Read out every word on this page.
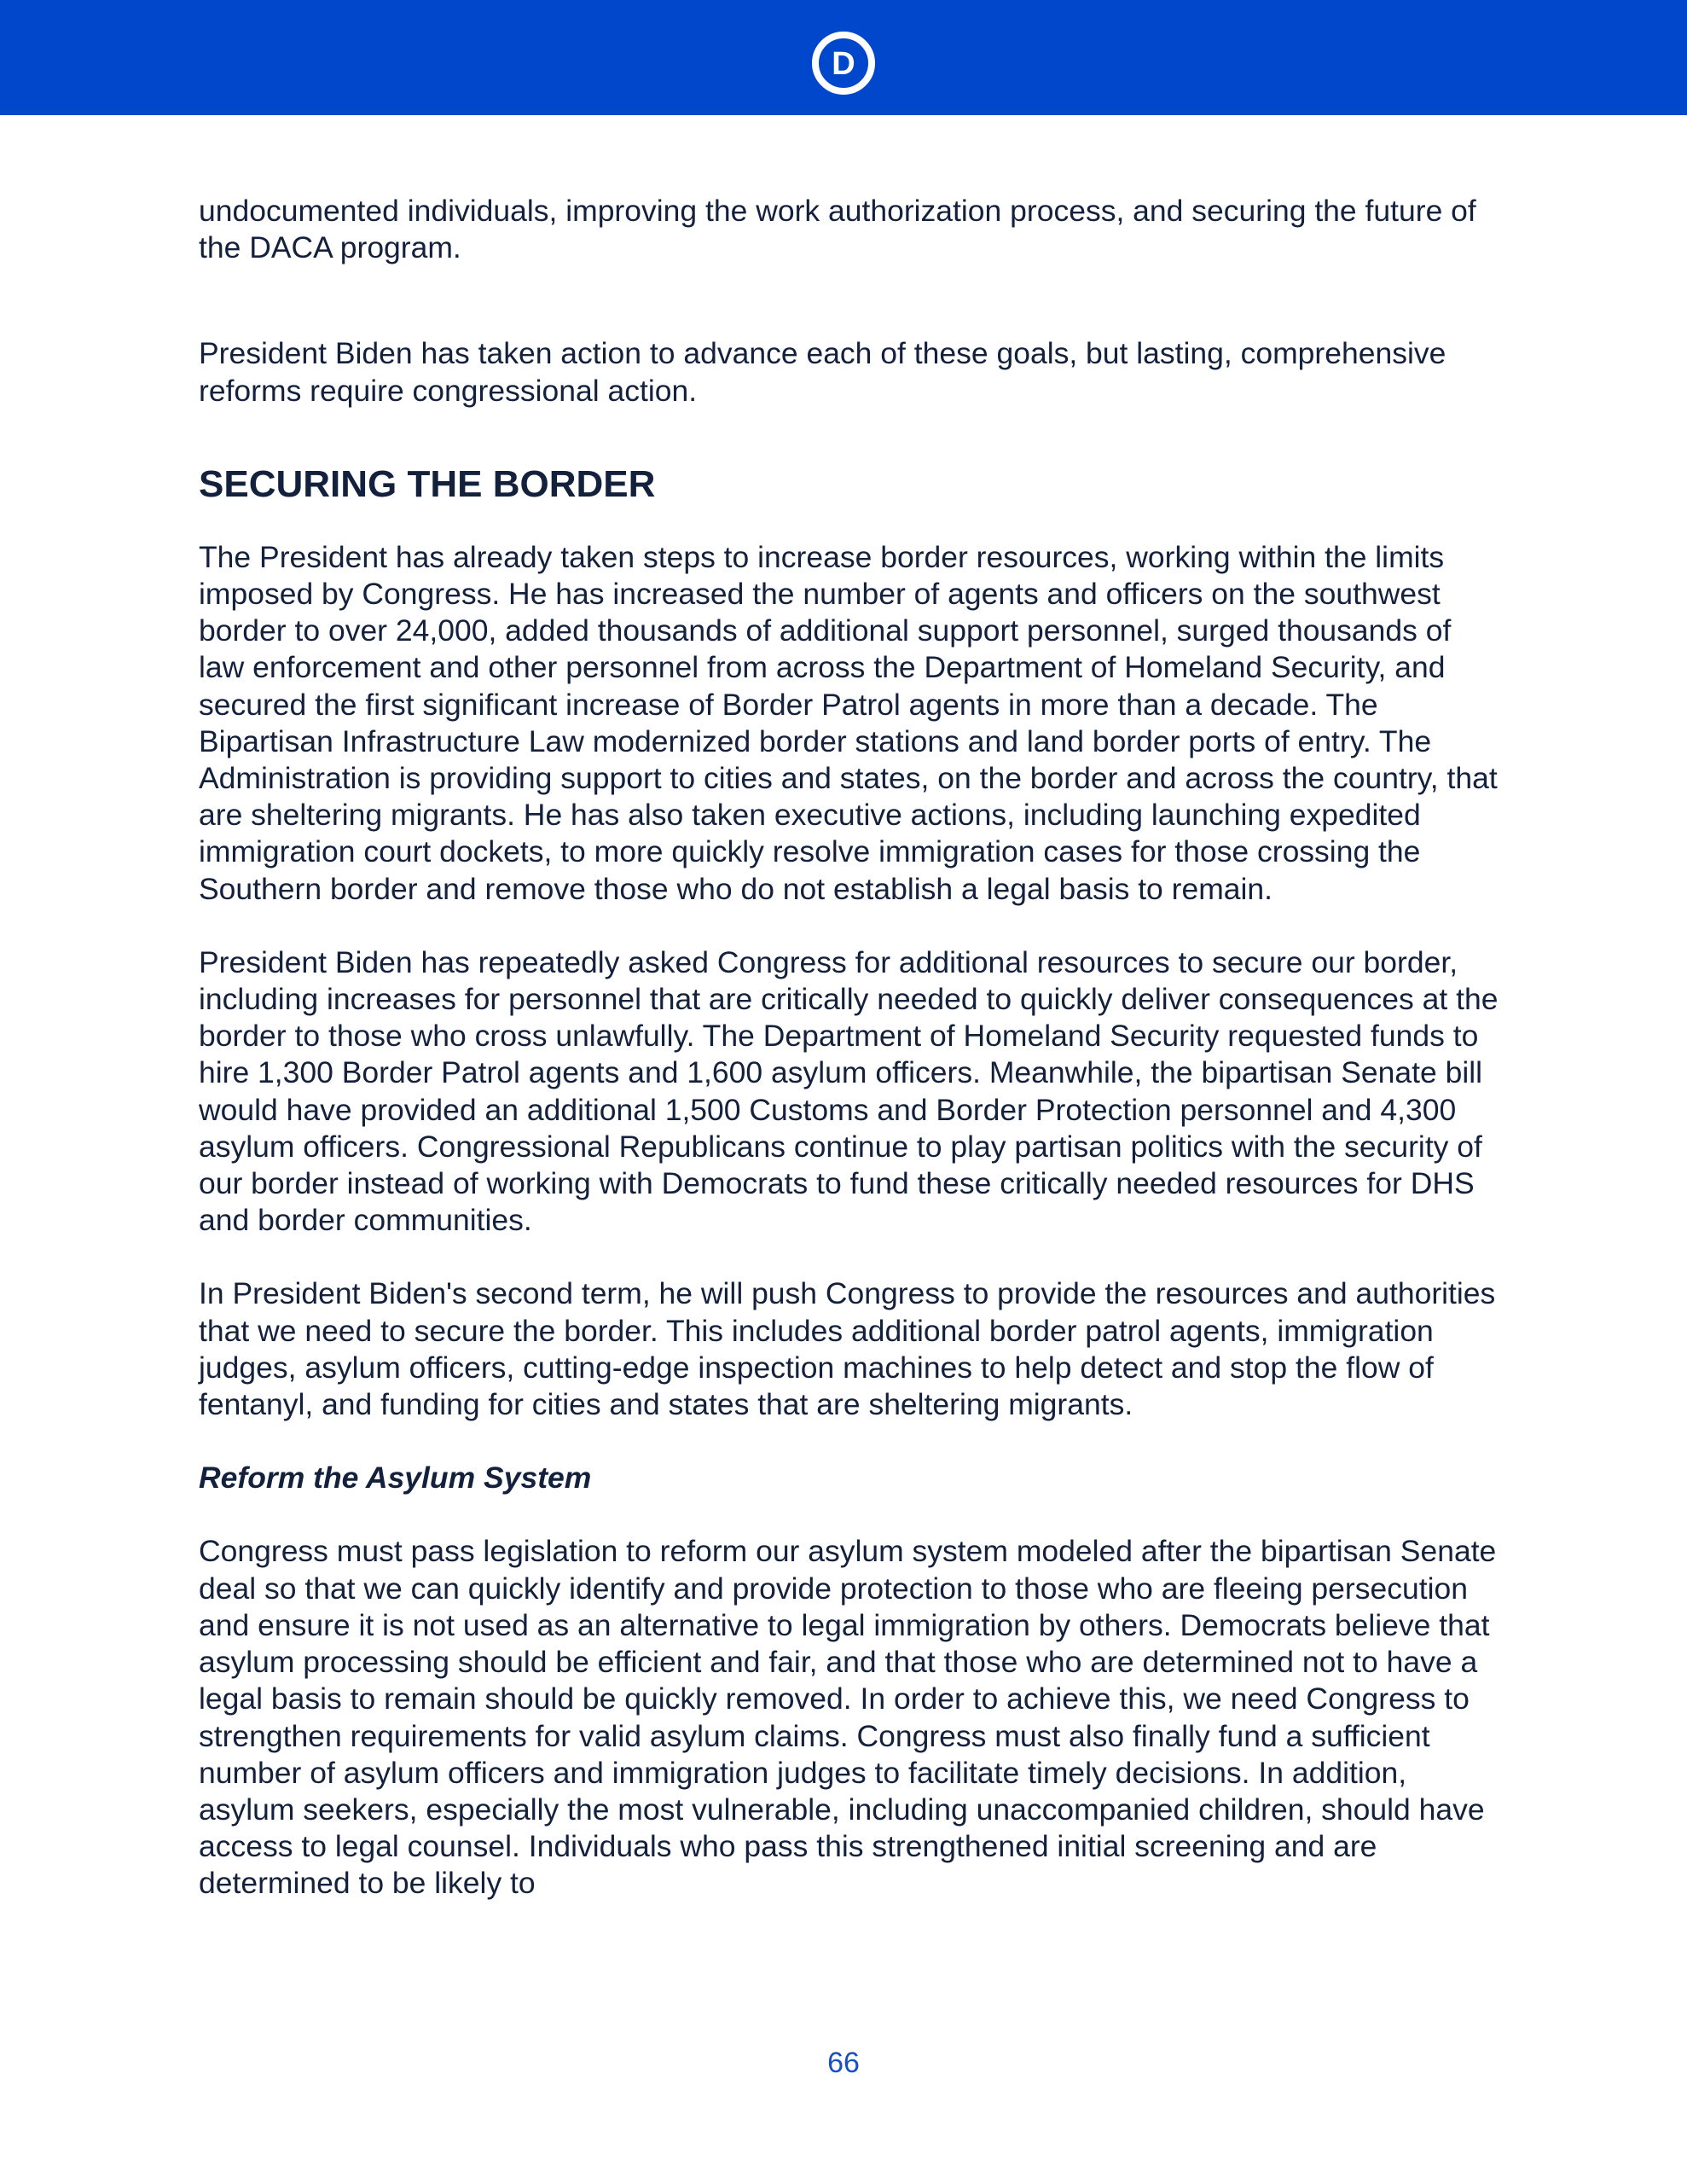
D

undocumented individuals, improving the work authorization process, and securing the future of the DACA program.

President Biden has taken action to advance each of these goals, but lasting, comprehensive reforms require congressional action.

SECURING THE BORDER

The President has already taken steps to increase border resources, working within the limits imposed by Congress. He has increased the number of agents and officers on the southwest border to over 24,000, added thousands of additional support personnel, surged thousands of law enforcement and other personnel from across the Department of Homeland Security, and secured the first significant increase of Border Patrol agents in more than a decade. The Bipartisan Infrastructure Law modernized border stations and land border ports of entry. The Administration is providing support to cities and states, on the border and across the country, that are sheltering migrants. He has also taken executive actions, including launching expedited immigration court dockets, to more quickly resolve immigration cases for those crossing the Southern border and remove those who do not establish a legal basis to remain.

President Biden has repeatedly asked Congress for additional resources to secure our border, including increases for personnel that are critically needed to quickly deliver consequences at the border to those who cross unlawfully. The Department of Homeland Security requested funds to hire 1,300 Border Patrol agents and 1,600 asylum officers. Meanwhile, the bipartisan Senate bill would have provided an additional 1,500 Customs and Border Protection personnel and 4,300 asylum officers. Congressional Republicans continue to play partisan politics with the security of our border instead of working with Democrats to fund these critically needed resources for DHS and border communities.

In President Biden's second term, he will push Congress to provide the resources and authorities that we need to secure the border. This includes additional border patrol agents, immigration judges, asylum officers, cutting-edge inspection machines to help detect and stop the flow of fentanyl, and funding for cities and states that are sheltering migrants.

Reform the Asylum System

Congress must pass legislation to reform our asylum system modeled after the bipartisan Senate deal so that we can quickly identify and provide protection to those who are fleeing persecution and ensure it is not used as an alternative to legal immigration by others. Democrats believe that asylum processing should be efficient and fair, and that those who are determined not to have a legal basis to remain should be quickly removed. In order to achieve this, we need Congress to strengthen requirements for valid asylum claims. Congress must also finally fund a sufficient number of asylum officers and immigration judges to facilitate timely decisions. In addition, asylum seekers, especially the most vulnerable, including unaccompanied children, should have access to legal counsel. Individuals who pass this strengthened initial screening and are determined to be likely to

66
